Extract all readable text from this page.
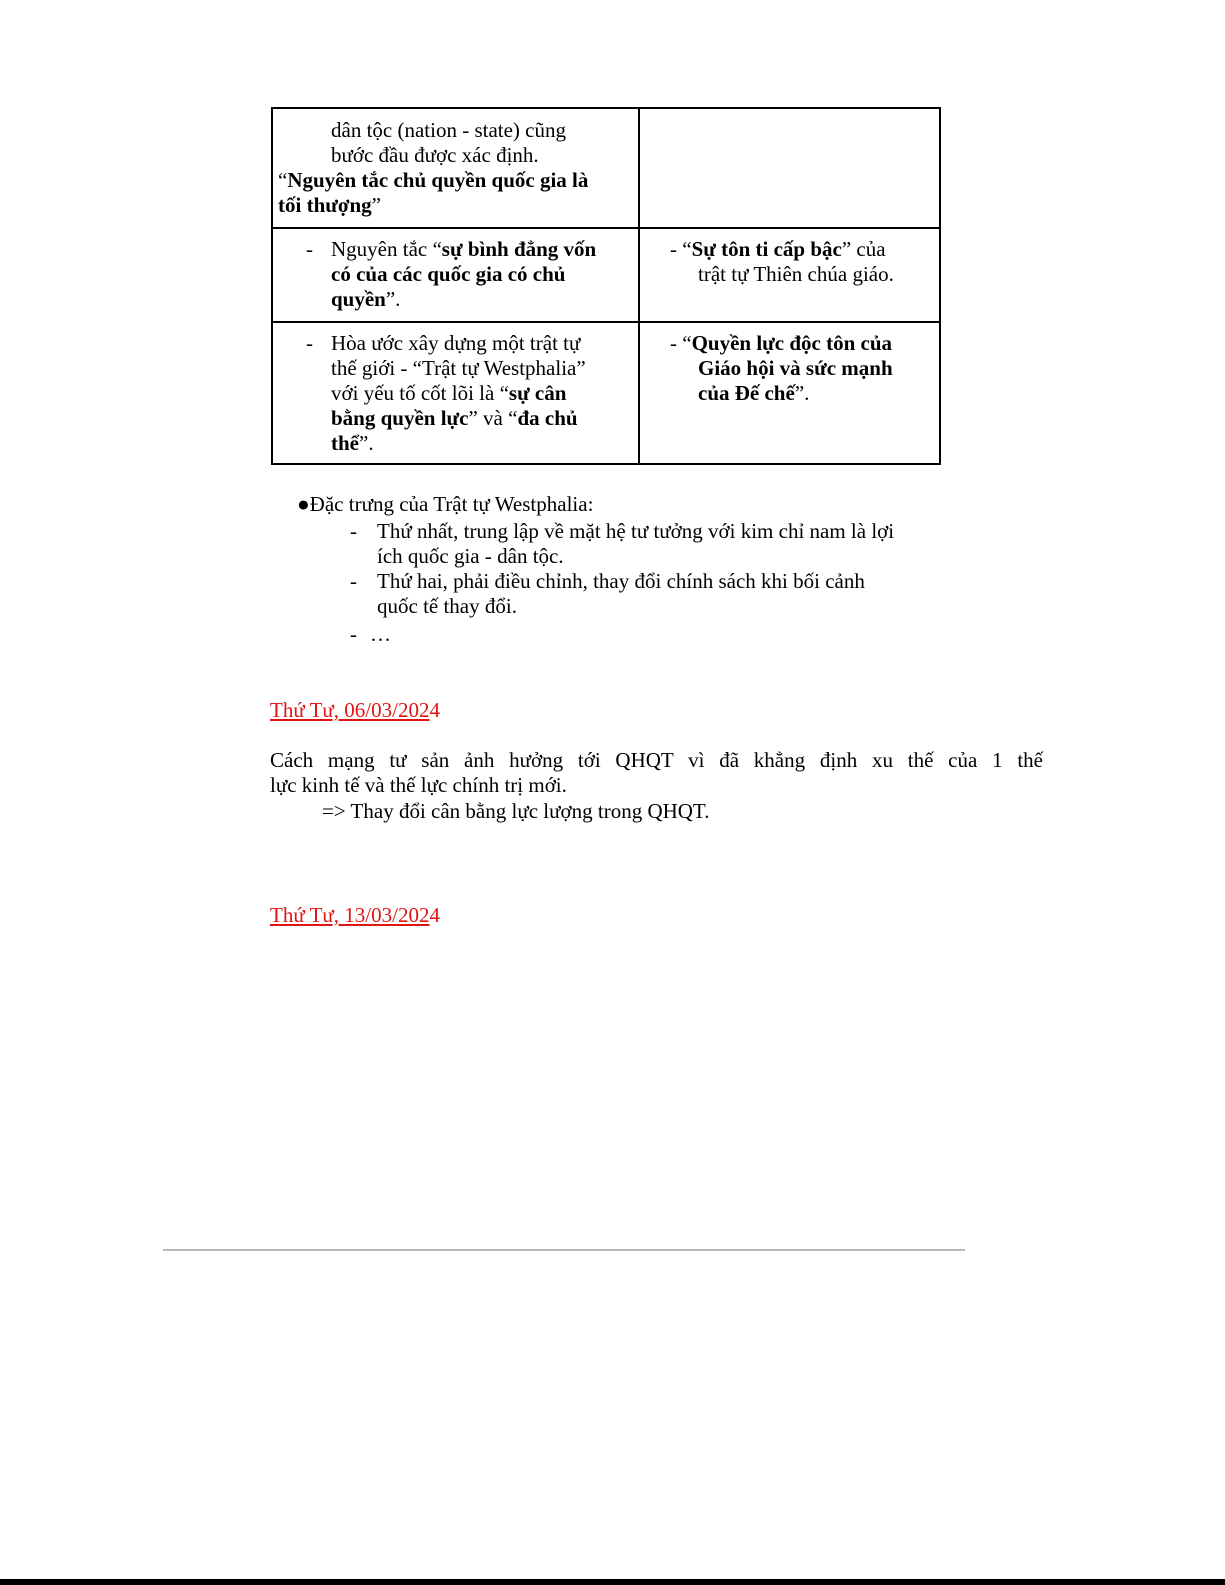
dân tộc (nation - state) cũng
bước đầu được xác định.
“Nguyên tắc chủ quyền quốc gia là
tối thượng”
- Nguyên tắc “sự bình đẳng vốn
có của các quốc gia có chủ
quyền”.
- “Sự tôn ti cấp bậc” của
trật tự Thiên chúa giáo.
- Hòa ước xây dựng một trật tự
thế giới - “Trật tự Westphalia”
với yếu tố cốt lõi là “sự cân
bằng quyền lực” và “đa chủ
thể”.
- “Quyền lực độc tôn của
Giáo hội và sức mạnh
của Đế chế”.
●Đặc trưng của Trật tự Westphalia:
- Thứ nhất, trung lập về mặt hệ tư tưởng với kim chỉ nam là lợi
ích quốc gia - dân tộc.
- Thứ hai, phải điều chỉnh, thay đổi chính sách khi bối cảnh
quốc tế thay đổi.
- …
Thứ Tư, 06/03/2024
Cách mạng tư sản ảnh hưởng tới QHQT vì đã khẳng định xu thế của 1 thế
lực kinh tế và thế lực chính trị mới.
=> Thay đổi cân bằng lực lượng trong QHQT.
Thứ Tư, 13/03/2024
